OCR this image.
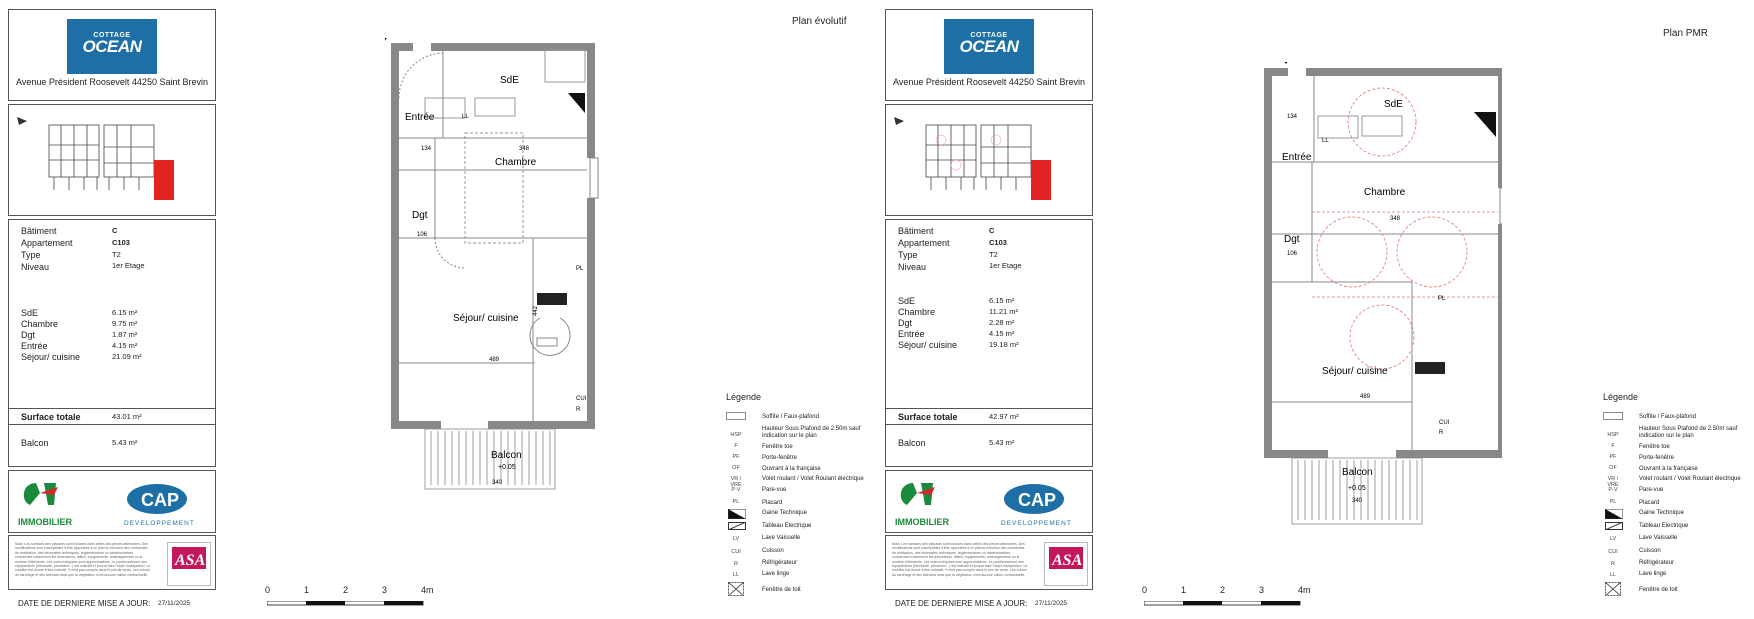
COTTAGE
OCEAN
Avenue Président Roosevelt 44250 Saint Brevin
Bâtiment	C
Appartement	C103
Type	T2
Niveau	1er Etage
SdE	6.15 m²
Chambre	9.75 m²
Dgt	1.87 m²
Entrée	4.15 m²
Séjour/ cuisine	21.09 m²
Surface totale	43.01 m²
Balcon	5.43 m²
IMMOBILIER
CAP
DEVELOPPEMENT
Nota: Les surfaces des placards sont incluses dans celles des pièces attenantes. Des modifications sont susceptibles d'être apportées à ce plan en fonction des contraintes de réalisation, des nécessités techniques, réglementaires ou administratives concernant notamment les dimensions, tailles, équipements, aménagements ou le nombre d'éléments. Les cotes indiquées sont approximatives. Le positionnement des équipements (électricité, plomberie...) est indicatif et pourra faire l'objet d'adaptation. Le mobilier est donné à titre indicatif, il n'est pas compris dans le prix de vente. Les coloris du carrelage et des faïences ainsi que la végétation n'ont aucune valeur contractuelle.
ASA
DATE DE DERNIERE MISE A JOUR: 27/11/2025
Plan évolutif
Entrée
SdE
Chambre
Dgt
Séjour/ cuisine
Balcon
+0.05
LL
PL
CUI
R
134	348
106
489
340
442
0	1	2	3	4m
Légende
Soffite / Faux-plafond
HSP
Hauteur Sous Plafond de 2.50m sauf indication sur le plan
F	Fenêtre toe
PF	Porte-fenêtre
OF	Ouvrant à la française
VR / VRE
Volet roulant / Volet Roulant électrique
P-V	Pare-vue
PL	Placard
Gaine Technique
Tableau Electrique
LV	Lave Vaisselle
CUI	Cuisson
R	Réfrigérateur
LL	Lave linge
Fenêtre de toit
COTTAGE
OCEAN
Avenue Président Roosevelt 44250 Saint Brevin
Bâtiment	C
Appartement	C103
Type	T2
Niveau	1er Etage
SdE	6.15 m²
Chambre	11.21 m²
Dgt	2.28 m²
Entrée	4.15 m²
Séjour/ cuisine	19.18 m²
Surface totale	42.97 m²
Balcon	5.43 m²
IMMOBILIER
CAP
DEVELOPPEMENT
Nota: Les surfaces des placards sont incluses dans celles des pièces attenantes. Des modifications sont susceptibles d'être apportées à ce plan en fonction des contraintes de réalisation, des nécessités techniques, réglementaires ou administratives concernant notamment les dimensions, tailles, équipements, aménagements ou le nombre d'éléments. Les cotes indiquées sont approximatives. Le positionnement des équipements (électricité, plomberie...) est indicatif et pourra faire l'objet d'adaptation. Le mobilier est donné à titre indicatif, il n'est pas compris dans le prix de vente. Les coloris du carrelage et des faïences ainsi que la végétation n'ont aucune valeur contractuelle.
ASA
DATE DE DERNIERE MISE A JOUR: 27/11/2025
Plan PMR
Entrée
SdE
Chambre
Dgt
Séjour/ cuisine
Balcon
+0.05
LL
PL
CUI
R
134
348
106
489
340
0	1	2	3	4m
Légende
Soffite / Faux-plafond
HSP
Hauteur Sous Plafond de 2.50m sauf indication sur le plan
F	Fenêtre toe
PF	Porte-fenêtre
OF	Ouvrant à la française
VR / VRE
Volet roulant / Volet Roulant électrique
P-V	Pare-vue
PL	Placard
Gaine Technique
Tableau Electrique
LV	Lave Vaisselle
CUI	Cuisson
R	Réfrigérateur
LL	Lave linge
Fenêtre de toit
